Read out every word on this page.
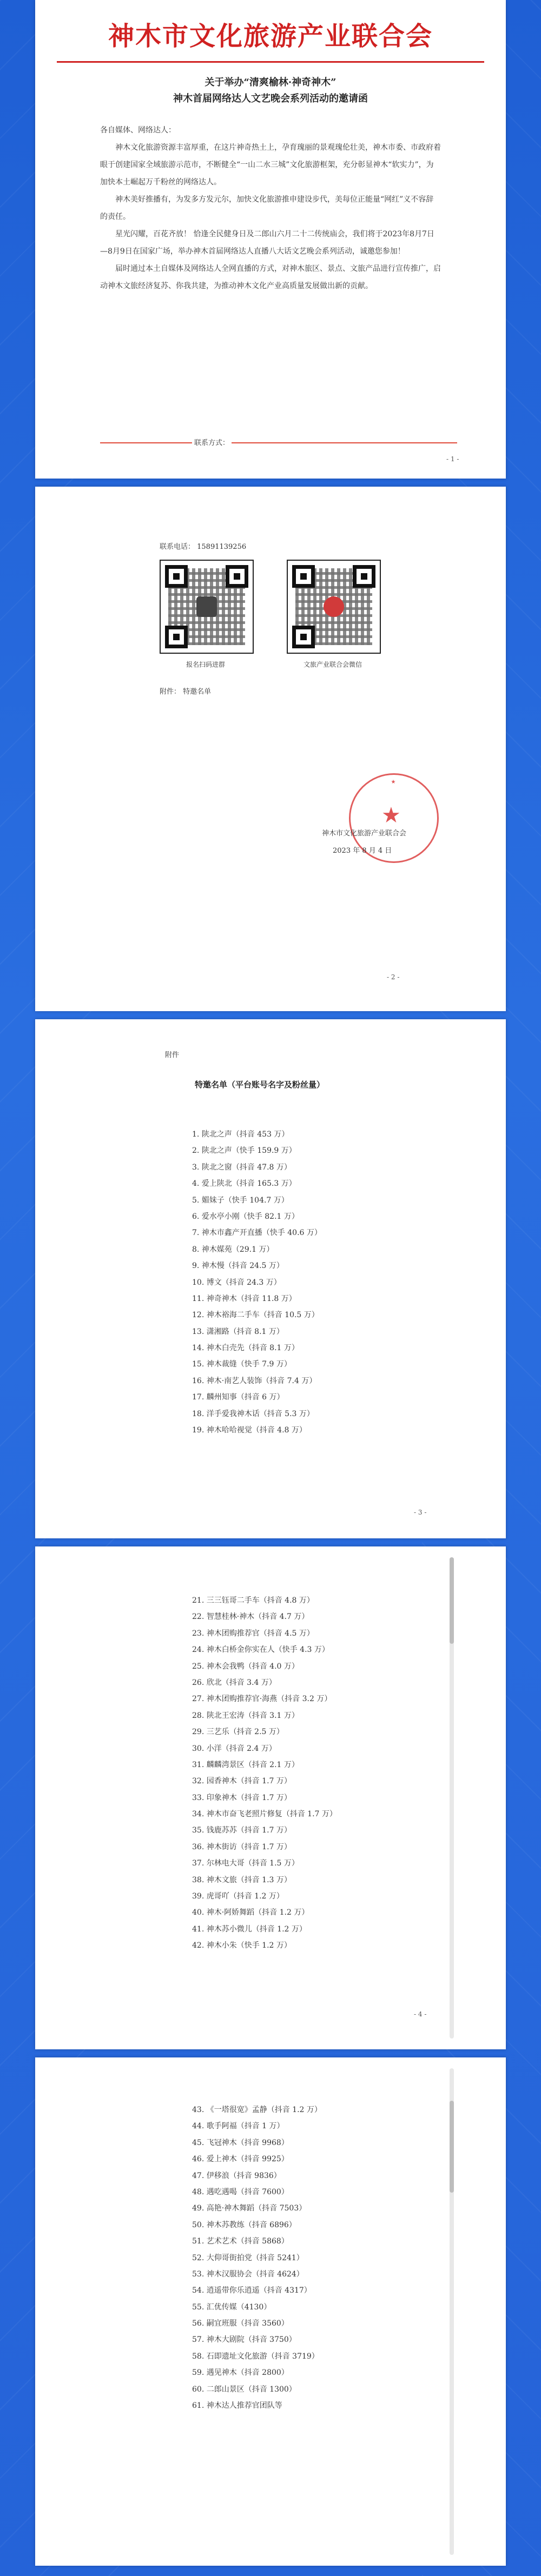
神木市文化旅游产业联合会
关于举办“清爽榆林·神奇神木”
神木首届网络达人文艺晚会系列活动的邀请函

各自媒体、网络达人：

神木文化旅游资源丰富厚重，在这片神奇热土上，孕育瑰丽的景观瑰伦壮美，神木市委、市政府着眼于创建国家全域旅游示范市，不断健全“一山二水三城”文化旅游框架，充分彰显神木“软实力”，为加快本土崛起万千粉丝的网络达人。

神木美好推播有，为发多方发元尔，加快文化旅游推申建设步代，美每位正能量“网红”义不容辞的责任。

星光闪耀，百花齐放！ 恰逢全民健身日及二郎山六月二十二传统庙会，我们将于2023年8月7日—8月9日在国家广场，举办神木首届网络达人直播八大话文艺晚会系列活动，诚邀您参加！

届时通过本土自媒体及网络达人全网直播的方式，对神木旅区、景点、文旅产品进行宣传推广，启动神木文旅经济复苏、你我共建，为推动神木文化产业高质量发展做出新的贡献。

联系方式：
- 1 -
联系电话： 15891139256
报名扫码进群	文旅产业联合会微信
附件： 特邀名单
★
★
神木市文化旅游产业联合会
2023 年 8 月 4 日
- 2 -
附件
特邀名单（平台账号名字及粉丝量）
1. 陕北之声（抖音 453 万）
2. 陕北之声（快手 159.9 万）
3. 陕北之窗（抖音 47.8 万）
4. 爱上陕北（抖音 165.3 万）
5. 媚妹子（快手 104.7 万）
6. 爱水亭小刚（快手 82.1 万）
7. 神木市鑫产开直播（快手 40.6 万）
8. 神木媒苑（29.1 万）
9. 神木慢（抖音 24.5 万）
10. 博文（抖音 24.3 万）
11. 神奇神木（抖音 11.8 万）
12. 神木裕海二手车（抖音 10.5 万）
13. 潇湘路（抖音 8.1 万）
14. 神木白壳先（抖音 8.1 万）
15. 神木裁缝（快手 7.9 万）
16. 神木·南艺人装饰（抖音 7.4 万）
17. 麟州知事（抖音 6 万）
18. 洋手爱我神木话（抖音 5.3 万）
19. 神木哈哈视觉（抖音 4.8 万）
- 3 -
21. 三三钰哥二手车（抖音 4.8 万）
22. 智慧桂林·神木（抖音 4.7 万）
23. 神木团购推荐官（抖音 4.5 万）
24. 神木白桥金你实在人（快手 4.3 万）
25. 神木会我鸭（抖音 4.0 万）
26. 欣北（抖音 3.4 万）
27. 神木团购推荐官·海燕（抖音 3.2 万）
28. 陕北王宏涛（抖音 3.1 万）
29. 三艺乐（抖音 2.5 万）
30. 小洋（抖音 2.4 万）
31. 麟麟湾景区（抖音 2.1 万）
32. 园香神木（抖音 1.7 万）
33. 印象神木（抖音 1.7 万）
34. 神木市奋飞老照片修复（抖音 1.7 万）
35. 钱鹿苏苏（抖音 1.7 万）
36. 神木街访（抖音 1.7 万）
37. 尔林电大哥（抖音 1.5 万）
38. 神木文旅（抖音 1.3 万）
39. 虎哥吖（抖音 1.2 万）
40. 神木·阿娇舞蹈（抖音 1.2 万）
41. 神木苏小微儿（抖音 1.2 万）
42. 神木小朱（快手 1.2 万）
- 4 -
43. 《一塔很宽》孟静（抖音 1.2 万）
44. 歌手阿福（抖音 1 万）
45. 飞冠神木（抖音 9968）
46. 爱上神木（抖音 9925）
47. 伊移浪（抖音 9836）
48. 遇吃遇喝（抖音 7600）
49. 高艳·神木舞蹈（抖音 7503）
50. 神木苏教练（抖音 6896）
51. 艺术艺术（抖音 5868）
52. 大仰哥街拍党（抖音 5241）
53. 神木汉服协会（抖音 4624）
54. 逍遥带你乐逍遥（抖音 4317）
55. 汇优传媒（4130）
56. 嗣宜班服（抖音 3560）
57. 神木大剧院（抖音 3750）
58. 石即遗址文化旅游（抖音 3719）
59. 遇见神木（抖音 2800）
60. 二郎山景区（抖音 1300）
61. 神木达人推荐官团队等
